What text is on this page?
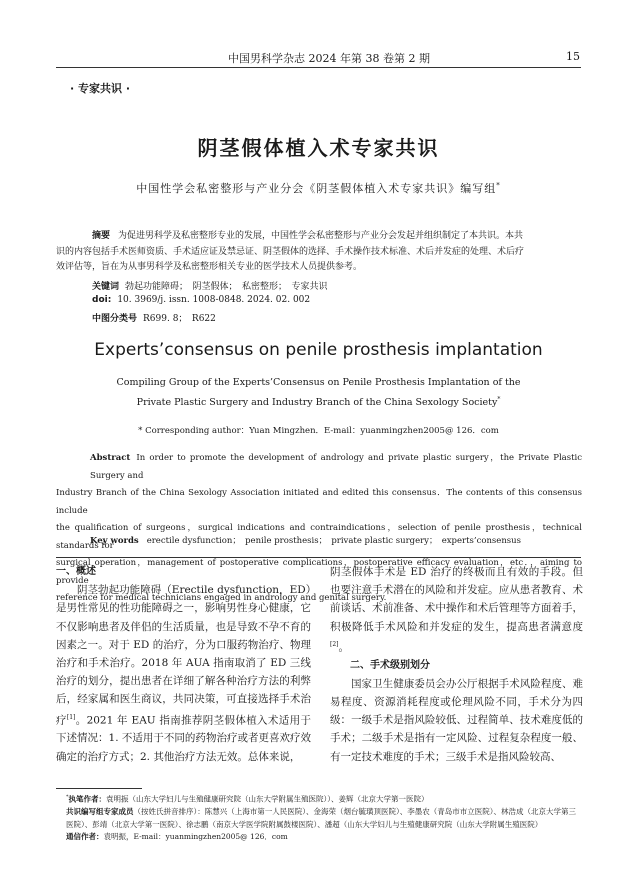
中国男科学杂志 2024 年第 38 卷第 2 期	15
· 专家共识 ·
阴茎假体植入术专家共识
中国性学会私密整形与产业分会《阴茎假体植入术专家共识》编写组*
摘要 为促进男科学及私密整形专业的发展，中国性学会私密整形与产业分会发起并组织制定了本共识。本共
识的内容包括手术医师资质、手术适应证及禁忌证、阴茎假体的选择、手术操作技术标准、术后并发症的处理、术后疗
效评估等，旨在为从事男科学及私密整形相关专业的医学技术人员提供参考。
关键词 勃起功能障碍；　阴茎假体；　私密整形；　专家共识
doi: 10. 3969/j. issn. 1008-0848. 2024. 02. 002
中图分类号 R699. 8；　R622
Experts’consensus on penile prosthesis implantation
Compiling Group of the Experts’Consensus on Penile Prosthesis Implantation of the
Private Plastic Surgery and Industry Branch of the China Sexology Society*
* Corresponding author：Yuan Mingzhen．E-mail：yuanmingzhen2005@ 126．com
Abstract In order to promote the development of andrology and private plastic surgery，the Private Plastic Surgery and
Industry Branch of the China Sexology Association initiated and edited this consensus．The contents of this consensus include
the qualification of surgeons，surgical indications and contraindications，selection of penile prosthesis，technical standards for
surgical operation，management of postoperative complications，postoperative efficacy evaluation，etc．，aiming to provide
reference for medical technicians engaged in andrology and genital surgery.
Key words erectile dysfunction；　penile prosthesis；　private plastic surgery；　experts’consensus

一、概述

阴茎勃起功能障碍（Erectile dysfunction，ED）是男性常见的性功能障碍之一，影响男性身心健康，它不仅影响患者及伴侣的生活质量，也是导致不孕不育的因素之一。对于 ED 的治疗，分为口服药物治疗、物理治疗和手术治疗。2018 年 AUA 指南取消了 ED 三线治疗的划分，提出患者在详细了解各种治疗方法的利弊后，经家属和医生商议，共同决策，可直接选择手术治疗[1]。2021 年 EAU 指南推荐阴茎假体植入术适用于下述情况：1. 不适用于不同的药物治疗或者更喜欢疗效确定的治疗方式；2. 其他治疗方法无效。总体来说，

阴茎假体手术是 ED 治疗的终极而且有效的手段。但也要注意手术潜在的风险和并发症。应从患者教育、术前谈话、术前准备、术中操作和术后管理等方面着手，积极降低手术风险和并发症的发生，提高患者满意度[2]。

二、手术级别划分

国家卫生健康委员会办公厅根据手术风险程度、难易程度、资源消耗程度或伦理风险不同，手术分为四级：一级手术是指风险较低、过程简单、技术难度低的手术；二级手术是指有一定风险、过程复杂程度一般、有一定技术难度的手术；三级手术是指风险较高、

*执笔作者：袁明振（山东大学妇儿与生殖健康研究院（山东大学附属生殖医院））、姜辉（北京大学第一医院）

共识编写组专家成员（按姓氏拼音排序）：陈慧兴（上海市第一人民医院）、金海荣（烟台毓璜顶医院）、李墨农（青岛市市立医院）、林浩成（北京大学第三医院）、彭靖（北京大学第一医院）、徐志鹏（南京大学医学院附属鼓楼医院）、潘超（山东大学妇儿与生殖健康研究院（山东大学附属生殖医院）

通信作者：袁明振，E-mail：yuanmingzhen2005@ 126．com
